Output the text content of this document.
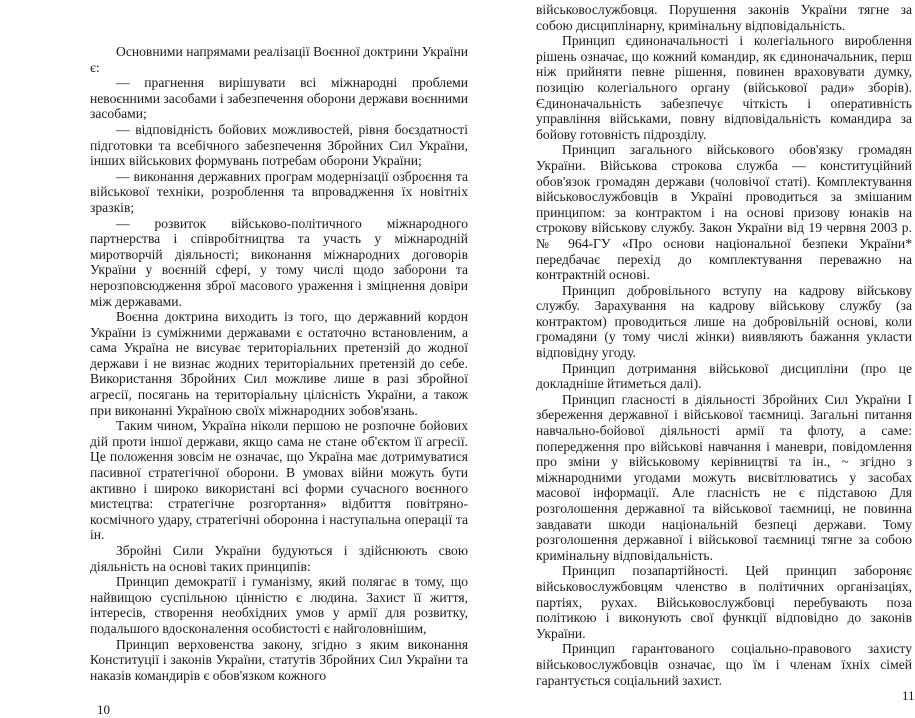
Основними напрямами реалізації Воєнної доктрини України є:

— прагнення вирішувати всі міжнародні проблеми невоєнними засобами і забезпечення оборони держави воєнними засобами;

— відповідність бойових можливостей, рівня боєздатності підготовки та всебічного забезпечення Збройних Сил України, інших військових формувань потребам оборони України;

— виконання державних програм модернізації озброєння та військової техніки, розроблення та впровадження їх новітніх зразків;

— розвиток військово-політичного міжнародного партнерства і співробітництва та участь у міжнародній миротворчій діяльності; виконання міжнародних договорів України у воєнній сфері, у тому числі щодо заборони та нерозповсюдження зброї масового ураження і зміцнення довіри між державами.

Воєнна доктрина виходить із того, що державний кордон України із суміжними державами є остаточно встановленим, а сама Україна не висуває територіальних претензій до жодної держави і не визнає жодних територіальних претензій до себе. Використання Збройних Сил можливе лише в разі збройної агресії, посягань на територіальну цілісність України, а також при виконанні Україною своїх міжнародних зобов'язань.

Таким чином, Україна ніколи першою не розпочне бойових дій проти іншої держави, якщо сама не стане об'єктом її агресії. Це положення зовсім не означає, що Україна має дотримуватися пасивної стратегічної оборони. В умовах війни можуть бути активно і широко використані всі форми сучасного воєнного мистецтва: стратегічне розгортання» відбиття повітряно-космічного удару, стратегічні оборонна і наступальна операції та ін.

Збройні Сили України будуються і здійснюють свою діяльність на основі таких принципів:

Принцип демократії і гуманізму, який полягає в тому, що найвищою суспільною цінністю є людина. Захист її життя, інтересів, створення необхідних умов у армії для розвитку, подальшого вдосконалення особистості є найголовнішим,

Принцип верховенства закону, згідно з яким виконання Конституції і законів України, статутів Збройних Сил України та наказів командирів є обов'язком кожного

військовослужбовця. Порушення законів України тягне за собою дисциплінарну, кримінальну відповідальність.

Принцип єдиноначальності і колегіального вироблення рішень означає, що кожний командир, як єдиноначальник, перш ніж прийняти певне рішення, повинен враховувати думку, позицію колегіального органу (військової ради» зборів). Єдиноначальність забезпечує чіткість і оперативність управління військами, повну відповідальність командира за бойову готовність підрозділу.

Принцип загального військового обов'язку громадян України. Військова строкова служба — конституційний обов'язок громадян держави (чоловічої статі). Комплектування військовослужбовців в Україні проводиться за змішаним принципом: за контрактом і на основі призову юнаків на строкову військову службу. Закон України від 19 червня 2003 р. № 964-ГУ «Про основи національної безпеки України* передбачає перехід до комплектування переважно на контрактній основі.

Принцип добровільного вступу на кадрову військову службу. Зарахування на кадрову військову службу (за контрактом) проводиться лише на добровільній основі, коли громадяни (у тому числі жінки) виявляють бажання укласти відповідну угоду.

Принцип дотримання військової дисципліни (про це докладніше йтиметься далі).

Принцип гласності в діяльності Збройних Сил України І збереження державної і військової таємниці. Загальні питання навчально-бойової діяльності армії та флоту, а саме: попередження про військові навчання і маневри, повідомлення про зміни у військовому керівництві та ін., ~ згідно з міжнародними угодами можуть висвітлюватись у засобах масової інформації. Але гласність не є підставою Для розголошення державної та військової таємниці, не повинна завдавати шкоди національній безпеці держави. Тому розголошення державної і військової таємниці тягне за собою кримінальну відповідальність.

Принцип позапартійності. Цей принцип забороняє військовослужбовцям членство в політичних організаціях, партіях, рухах. Військовослужбовці перебувають поза політикою і виконують свої функції відповідно до законів України.

Принцип гарантованого соціально-правового захисту військовослужбовців означає, що їм і членам їхніх сімей гарантується соціальний захист.

10
11
